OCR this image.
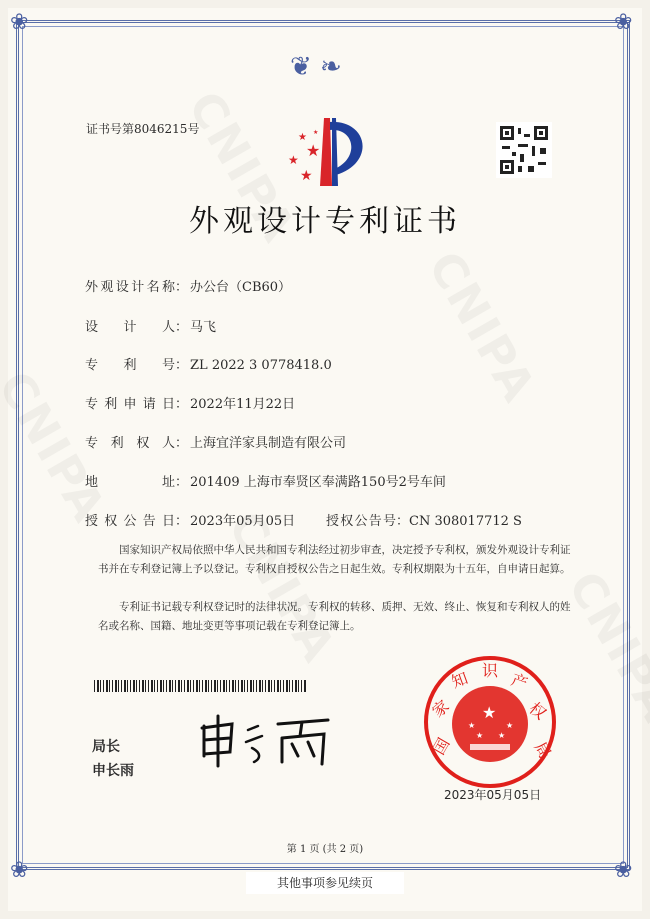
❦ ❧
❀	❀
❀	❀
证书号第8046215号
★
★
★
★
★
外观设计专利证书
外观设计名称： 办公台（CB60）
设计人： 马飞
专利号： ZL 2022 3 0778418.0
专利申请日： 2022年11月22日
专利权人： 上海宜洋家具制造有限公司
地址： 201409 上海市奉贤区奉满路150号2号车间
授权公告日： 2023年05月05日 授权公告号：CN 308017712 S
国家知识产权局依照中华人民共和国专利法经过初步审查，决定授予专利权，颁发外观设计专利证书并在专利登记簿上予以登记。专利权自授权公告之日起生效。专利权期限为十五年，自申请日起算。
专利证书记载专利权登记时的法律状况。专利权的转移、质押、无效、终止、恢复和专利权人的姓名或名称、国籍、地址变更等事项记载在专利登记簿上。
局长
申长雨
★
★	★
★ ★
国
家
知 识 产
权
局
2023年05月05日
第 1 页 (共 2 页)
其他事项参见续页
